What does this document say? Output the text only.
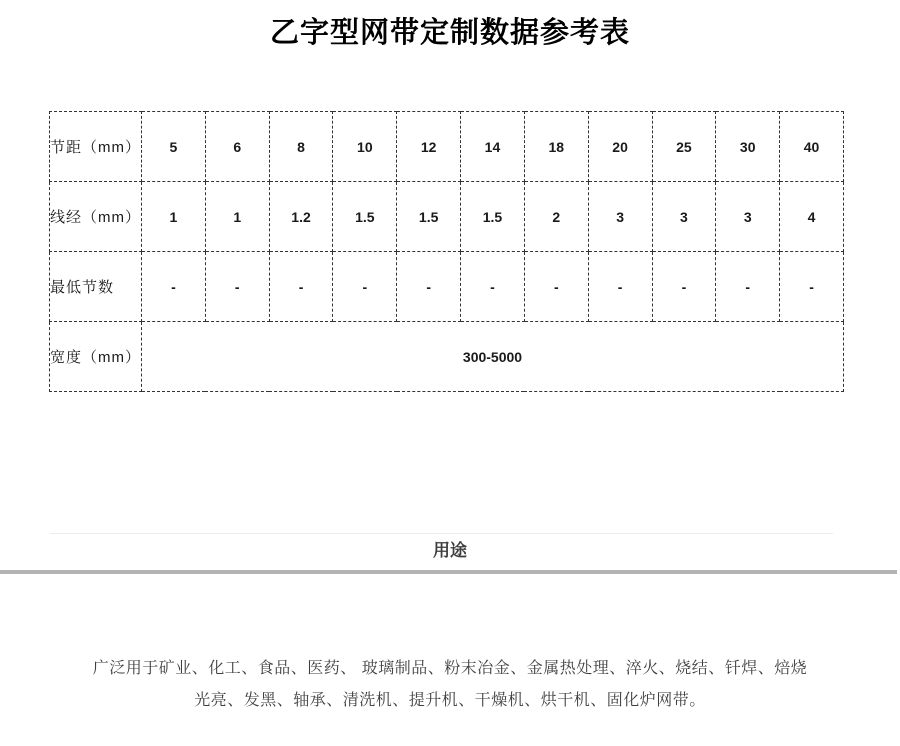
乙字型网带定制数据参考表
节距（mm）	5	6	8	10	12	14	18	20	25	30	40
线经（mm）	1	1	1.2	1.5	1.5	1.5	2	3	3	3	4
最低节数	-	-	-	-	-	-	-	-	-	-	-
宽度（mm）	300-5000										
用途
广泛用于矿业、化工、食品、医药、 玻璃制品、粉末冶金、金属热处理、淬火、烧结、钎焊、焙烧
光亮、发黑、轴承、清洗机、提升机、干燥机、烘干机、固化炉网带。
